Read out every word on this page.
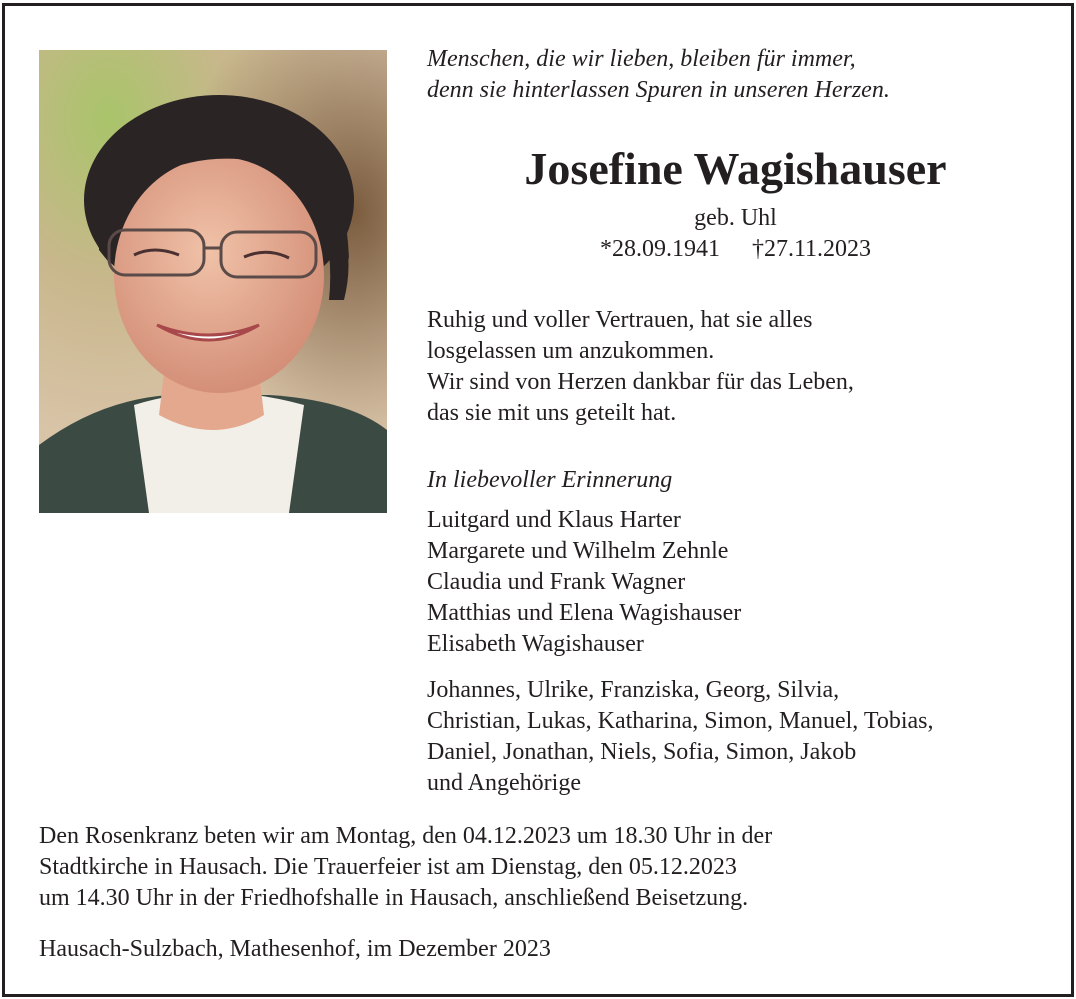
Menschen, die wir lieben, bleiben für immer,
denn sie hinterlassen Spuren in unseren Herzen.
Josefine Wagishauser
geb. Uhl
*28.09.1941 †27.11.2023
Ruhig und voller Vertrauen, hat sie alles
losgelassen um anzukommen.
Wir sind von Herzen dankbar für das Leben,
das sie mit uns geteilt hat.
In liebevoller Erinnerung
Luitgard und Klaus Harter
Margarete und Wilhelm Zehnle
Claudia und Frank Wagner
Matthias und Elena Wagishauser
Elisabeth Wagishauser
Johannes, Ulrike, Franziska, Georg, Silvia,
Christian, Lukas, Katharina, Simon, Manuel, Tobias,
Daniel, Jonathan, Niels, Sofia, Simon, Jakob
und Angehörige
Den Rosenkranz beten wir am Montag, den 04.12.2023 um 18.30 Uhr in der
Stadtkirche in Hausach. Die Trauerfeier ist am Dienstag, den 05.12.2023
um 14.30 Uhr in der Friedhofshalle in Hausach, anschließend Beisetzung.
Hausach-Sulzbach, Mathesenhof, im Dezember 2023
